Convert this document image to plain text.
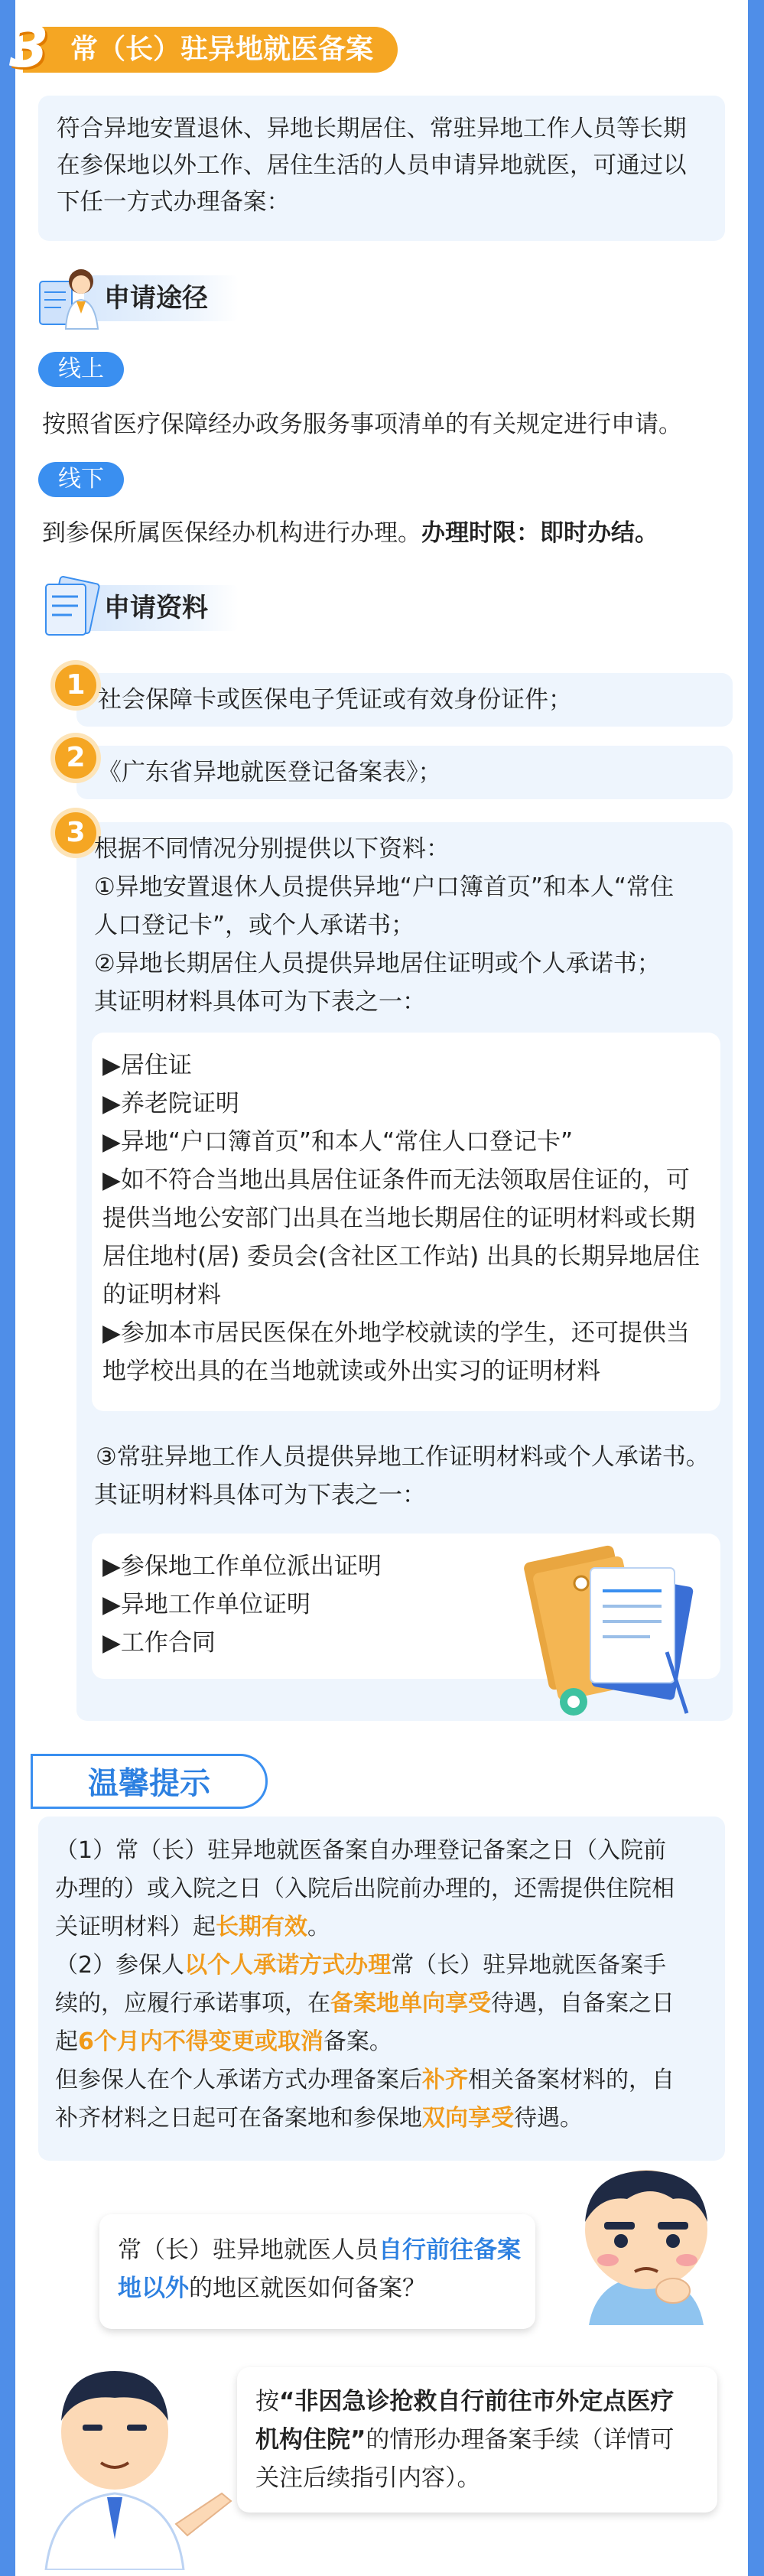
3 常（长）驻异地就医备案
符合异地安置退休、异地长期居住、常驻异地工作人员等长期
在参保地以外工作、居住生活的人员申请异地就医，可通过以
下任一方式办理备案：
申请途径
线上
按照省医疗保障经办政务服务事项清单的有关规定进行申请。
线下
到参保所属医保经办机构进行办理。办理时限：即时办结。
申请资料
1 社会保障卡或医保电子凭证或有效身份证件；
2 《广东省异地就医登记备案表》；
3
根据不同情况分别提供以下资料：
①异地安置退休人员提供异地“户口簿首页”和本人“常住
人口登记卡”，或个人承诺书；
②异地长期居住人员提供异地居住证明或个人承诺书；
其证明材料具体可为下表之一：
▶居住证
▶养老院证明
▶异地“户口簿首页”和本人“常住人口登记卡”
▶如不符合当地出具居住证条件而无法领取居住证的，可
提供当地公安部门出具在当地长期居住的证明材料或长期
居住地村(居) 委员会(含社区工作站) 出具的长期异地居住
的证明材料
▶参加本市居民医保在外地学校就读的学生，还可提供当
地学校出具的在当地就读或外出实习的证明材料
③常驻异地工作人员提供异地工作证明材料或个人承诺书。
其证明材料具体可为下表之一：
▶参保地工作单位派出证明
▶异地工作单位证明
▶工作合同
温馨提示
（1）常（长）驻异地就医备案自办理登记备案之日（入院前
办理的）或入院之日（入院后出院前办理的，还需提供住院相
关证明材料）起长期有效。
（2）参保人以个人承诺方式办理常（长）驻异地就医备案手
续的，应履行承诺事项，在备案地单向享受待遇，自备案之日
起6个月内不得变更或取消备案。
但参保人在个人承诺方式办理备案后补齐相关备案材料的，自
补齐材料之日起可在备案地和参保地双向享受待遇。
常（长）驻异地就医人员自行前往备案
地以外的地区就医如何备案？
按“非因急诊抢救自行前往市外定点医疗
机构住院”的情形办理备案手续（详情可
关注后续指引内容）。
